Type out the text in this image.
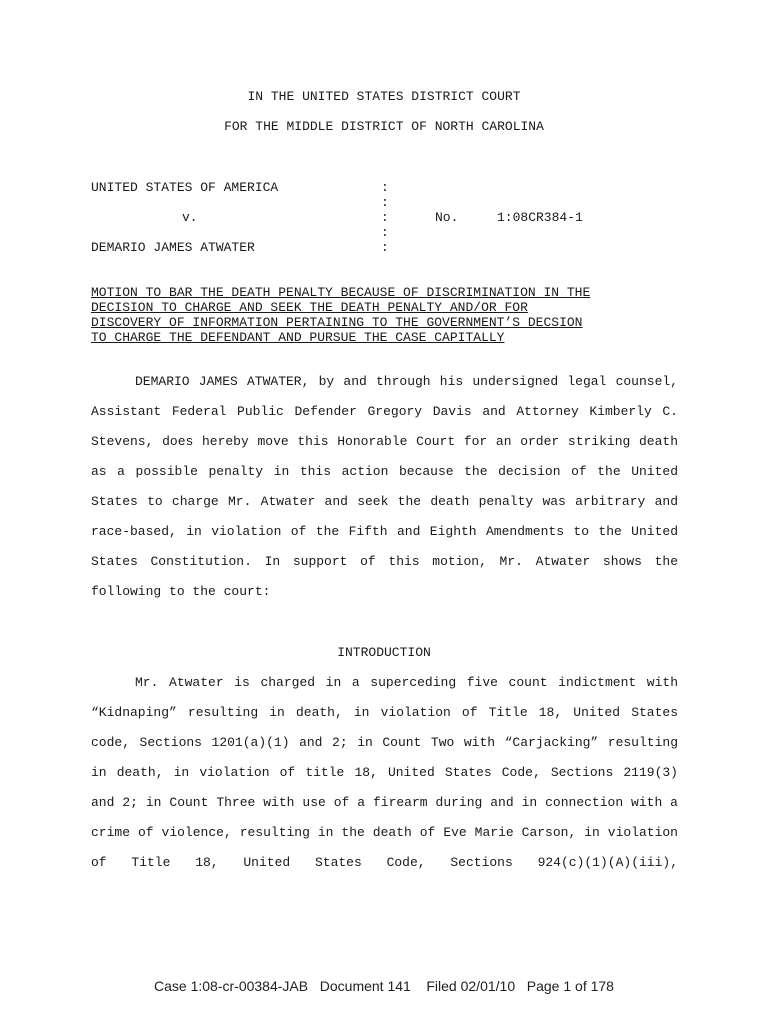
IN THE UNITED STATES DISTRICT COURT
FOR THE MIDDLE DISTRICT OF NORTH CAROLINA
UNITED STATES OF AMERICA	:
:
v.	:	No.	1:08CR384-1
:
DEMARIO JAMES ATWATER	:
MOTION TO BAR THE DEATH PENALTY BECAUSE OF DISCRIMINATION IN THE
DECISION TO CHARGE AND SEEK THE DEATH PENALTY AND/OR FOR
DISCOVERY OF INFORMATION PERTAINING TO THE GOVERNMENT’S DECSION
TO CHARGE THE DEFENDANT AND PURSUE THE CASE CAPITALLY

DEMARIO JAMES ATWATER, by and through his undersigned legal counsel, Assistant Federal Public Defender Gregory Davis and Attorney Kimberly C. Stevens, does hereby move this Honorable Court for an order striking death as a possible penalty in this action because the decision of the United States to charge Mr. Atwater and seek the death penalty was arbitrary and race-based, in violation of the Fifth and Eighth Amendments to the United States Constitution. In support of this motion, Mr. Atwater shows the following to the court:

INTRODUCTION

Mr. Atwater is charged in a superceding five count indictment with “Kidnaping” resulting in death, in violation of Title 18, United States code, Sections 1201(a)(1) and 2; in Count Two with “Carjacking” resulting in death, in violation of title 18, United States Code, Sections 2119(3) and 2; in Count Three with use of a firearm during and in connection with a crime of violence, resulting in the death of Eve Marie Carson, in violation of Title 18, United States Code, Sections 924(c)(1)(A)(iii),

Case 1:08-cr-00384-JAB   Document 141    Filed 02/01/10   Page 1 of 178
